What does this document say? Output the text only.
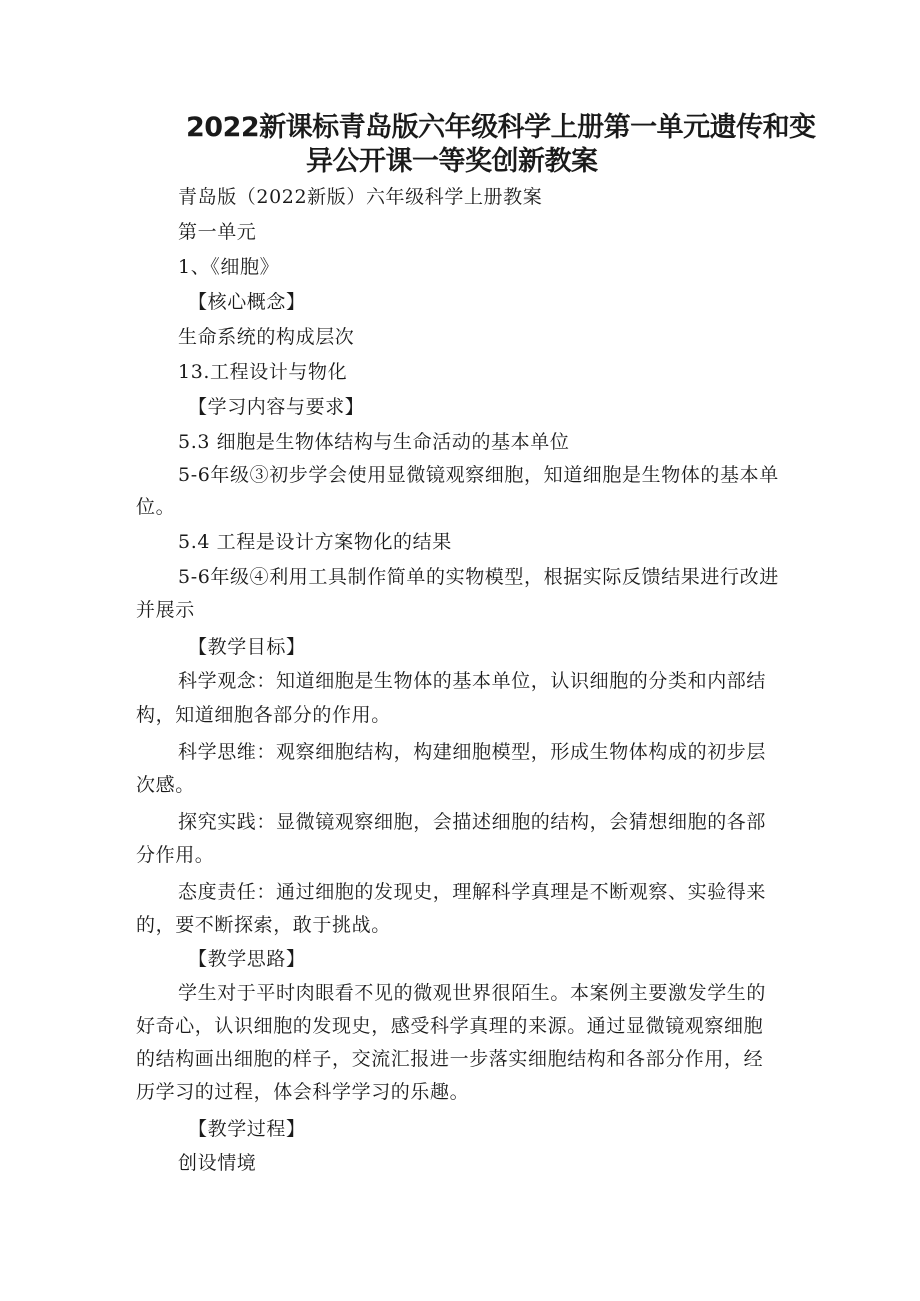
2022新课标青岛版六年级科学上册第一单元遗传和变
异公开课一等奖创新教案
青岛版（2022新版）六年级科学上册教案
第一单元
1、《细胞》
【核心概念】
生命系统的构成层次
13.工程设计与物化
【学习内容与要求】
5.3 细胞是生物体结构与生命活动的基本单位
5-6年级③初步学会使用显微镜观察细胞，知道细胞是生物体的基本单
位。
5.4 工程是设计方案物化的结果
5-6年级④利用工具制作简单的实物模型，根据实际反馈结果进行改进
并展示
【教学目标】
科学观念：知道细胞是生物体的基本单位，认识细胞的分类和内部结
构，知道细胞各部分的作用。
科学思维：观察细胞结构，构建细胞模型，形成生物体构成的初步层
次感。
探究实践：显微镜观察细胞，会描述细胞的结构，会猜想细胞的各部
分作用。
态度责任：通过细胞的发现史，理解科学真理是不断观察、实验得来
的，要不断探索，敢于挑战。
【教学思路】
学生对于平时肉眼看不见的微观世界很陌生。本案例主要激发学生的
好奇心，认识细胞的发现史，感受科学真理的来源。通过显微镜观察细胞
的结构画出细胞的样子，交流汇报进一步落实细胞结构和各部分作用，经
历学习的过程，体会科学学习的乐趣。
【教学过程】
创设情境
